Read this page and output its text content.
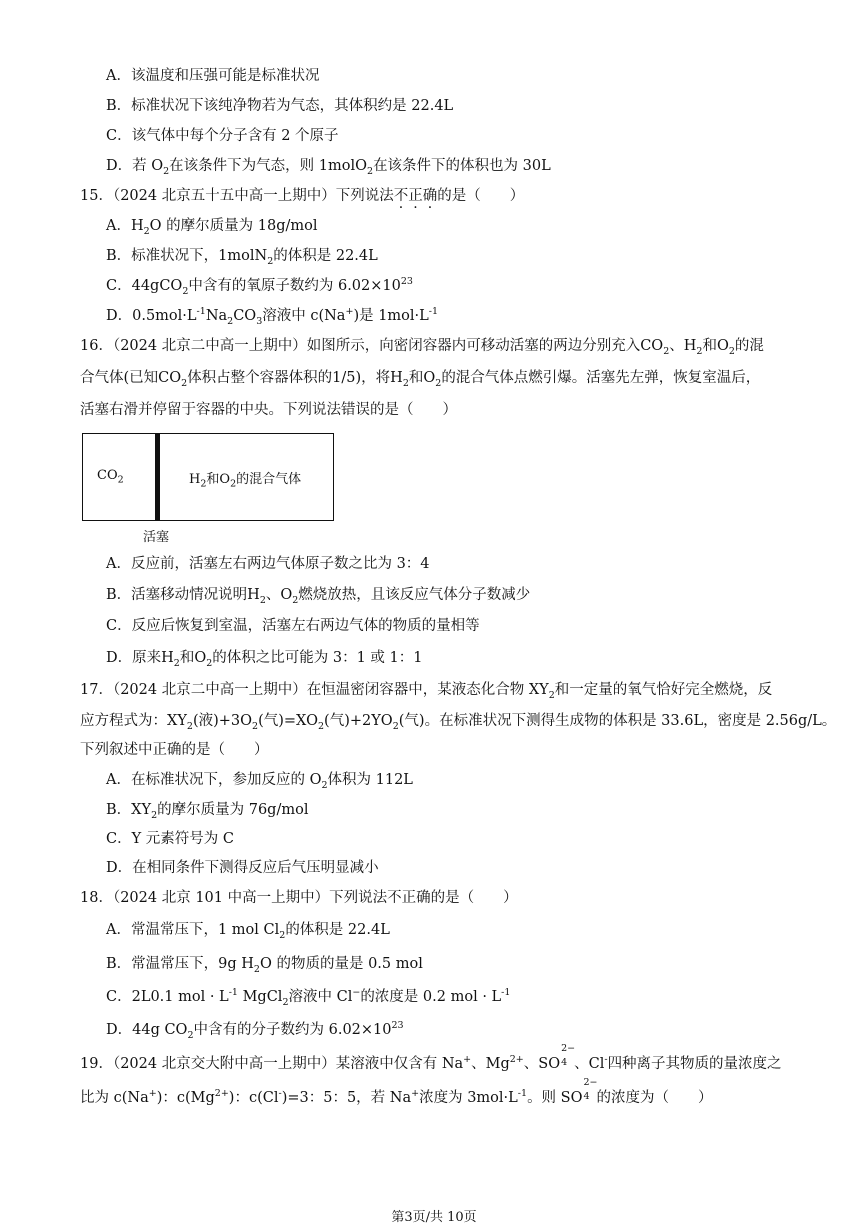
A．该温度和压强可能是标准状况
B．标准状况下该纯净物若为气态，其体积约是 22.4L
C．该气体中每个分子含有 2 个原子
D．若 $O_2$在该条件下为气态，则 1molO$_2$在该条件下的体积也为 30L
15．（2024 北京五十五中高一上期中）下列说法不正确的是（　　）
A．$H_2O$ 的摩尔质量为 18g/mol
B．标准状况下，1molN$_2$的体积是 22.4L
C．44gCO$_2$中含有的氧原子数约为 $6.02\times 10^{23}$
D．$0.5mol\cdot L^{-1}Na_2CO_3$溶液中 c(Na+)是 $1mol\cdot L^{-1}$
16．（2024 北京二中高一上期中）如图所示，向密闭容器内可移动活塞的两边分别充入$CO_2$、$H_2$和$O_2$的混
合气体(已知$CO_2$体积占整个容器体积的1/5)，将$H_2$和$O_2$的混合气体点燃引爆。活塞先左弹，恢复室温后，
活塞右滑并停留于容器的中央。下列说法错误的是（　　）
$CO_2$	$H_2$和$O_2$的混合气体
活塞
A．反应前，活塞左右两边气体原子数之比为 3：4
B．活塞移动情况说明$H_2$、$O_2$燃烧放热，且该反应气体分子数减少
C．反应后恢复到室温，活塞左右两边气体的物质的量相等
D．原来$H_2$和$O_2$的体积之比可能为 3：1 或 1：1
17．（2024 北京二中高一上期中）在恒温密闭容器中，某液态化合物 $XY_2$和一定量的氧气恰好完全燃烧，反
应方程式为：$XY_2$(液)$+3O_2$(气)$=XO_2$(气)$+2YO_2$(气)。在标准状况下测得生成物的体积是 33.6L，密度是 2.56g/L。
下列叙述中正确的是（　　）
A．在标准状况下，参加反应的 $O_2$体积为 112L
B．$XY_2$的摩尔质量为 76g/mol
C．Y 元素符号为 C
D．在相同条件下测得反应后气压明显减小
18．（2024 北京 101 中高一上期中）下列说法不正确的是（　　）
A．常温常压下，1 mol $Cl_2$的体积是 22.4L
B．常温常压下，9g $H_2O$ 的物质的量是 0.5 mol
C．2L0.1 mol · $L^{-1}$ MgCl$_2$溶液中 Cl−的浓度是 0.2 mol · $L^{-1}$
D．44g $CO_2$中含有的分子数约为 $6.02\times 10^{23}$
19．（2024 北京交大附中高一上期中）某溶液中仅含有 Na+、$Mg^{2+}$、SO
2−
4 、Cl-四种离子其物质的量浓度之
比为 c(Na+)：$c(Mg^{2+})$：c(Cl-)=3：5：5，若 Na+浓度为 $3mol\cdot L^{-1}$。则 SO
2−
4 的浓度为（　　）
第3页/共 10页
